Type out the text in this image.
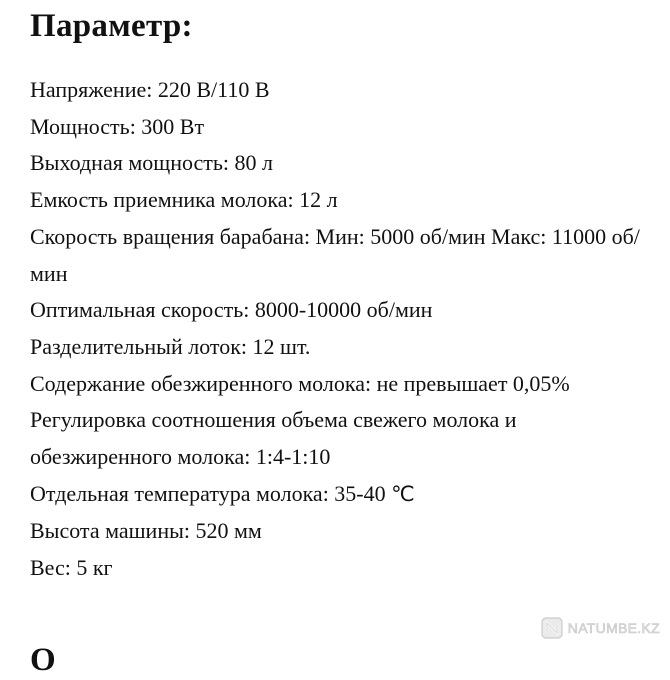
Параметр:
Напряжение: 220 В/110 В
Мощность: 300 Вт
Выходная мощность: 80 л
Емкость приемника молока: 12 л
Скорость вращения барабана: Мин: 5000 об/мин Макс: 11000 об/мин
Оптимальная скорость: 8000-10000 об/мин
Разделительный лоток: 12 шт.
Содержание обезжиренного молока: не превышает 0,05%
Регулировка соотношения объема свежего молока и обезжиренного молока: 1:4-1:10
Отдельная температура молока: 35-40 ℃
Высота машины: 520 мм
Вес: 5 кг
О
NATUMBE.KZ
